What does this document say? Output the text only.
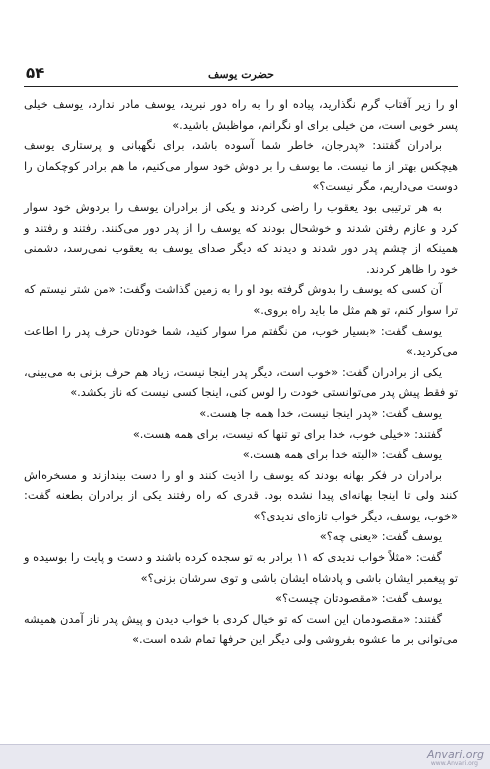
۵۴	حضرت یوسف

او را زیر آفتاب گرم نگذارید، پیاده او را به راه دور نبرید، یوسف مادر ندارد، یوسف خیلی پسر خوبی است، من خیلی برای او نگرانم، مواظبش باشید.»

برادران گفتند: «پدرجان، خاطر شما آسوده باشد، برای نگهبانی و پرستاری یوسف هیچکس بهتر از ما نیست. ما یوسف را بر دوش خود سوار می‌کنیم، ما هم برادر کوچکمان را دوست می‌داریم، مگر نیست؟»

به هر ترتیبی بود یعقوب را راضی کردند و یکی از برادران یوسف را بردوش خود سوار کرد و عازم رفتن شدند و خوشحال بودند که یوسف را از پدر دور می‌کنند. رفتند و رفتند و همینکه از چشم پدر دور شدند و دیدند که دیگر صدای یوسف به یعقوب نمی‌رسد، دشمنی خود را ظاهر کردند.

آن کسی که یوسف را بدوش گرفته بود او را به زمین گذاشت وگفت: «من شتر نیستم که ترا سوار کنم، تو هم مثل ما باید راه بروی.»

یوسف گفت: «بسیار خوب، من نگفتم مرا سوار کنید، شما خودتان حرف پدر را اطاعت می‌کردید.»

یکی از برادران گفت: «خوب است، دیگر پدر اینجا نیست، زیاد هم حرف بزنی به می‌بینی، تو فقط پیش پدر می‌توانستی خودت را لوس کنی، اینجا کسی نیست که ناز بکشد.»

یوسف گفت: «پدر اینجا نیست، خدا همه جا هست.»

گفتند: «خیلی خوب، خدا برای تو تنها که نیست، برای همه هست.»

یوسف گفت: «البته خدا برای همه هست.»

برادران در فکر بهانه بودند که یوسف را اذیت کنند و او را دست بیندازند و مسخره‌اش کنند ولی تا اینجا بهانه‌ای پیدا نشده بود. قدری که راه رفتند یکی از برادران بطعنه گفت: «خوب، یوسف، دیگر خواب تازه‌ای ندیدی؟»

یوسف گفت: «یعنی چه؟»

گفت: «مثلاً خواب ندیدی که ۱۱ برادر به تو سجده کرده باشند و دست و پایت را بوسیده و تو پیغمبر ایشان باشی و پادشاه ایشان باشی و توی سرشان بزنی؟»

یوسف گفت: «مقصودتان چیست؟»

گفتند: «مقصودمان این است که تو خیال کردی با خواب دیدن و پیش پدر ناز آمدن همیشه می‌توانی بر ما عشوه بفروشی ولی دیگر این حرفها تمام شده است.»

Anvari.org
www.Anvari.org
